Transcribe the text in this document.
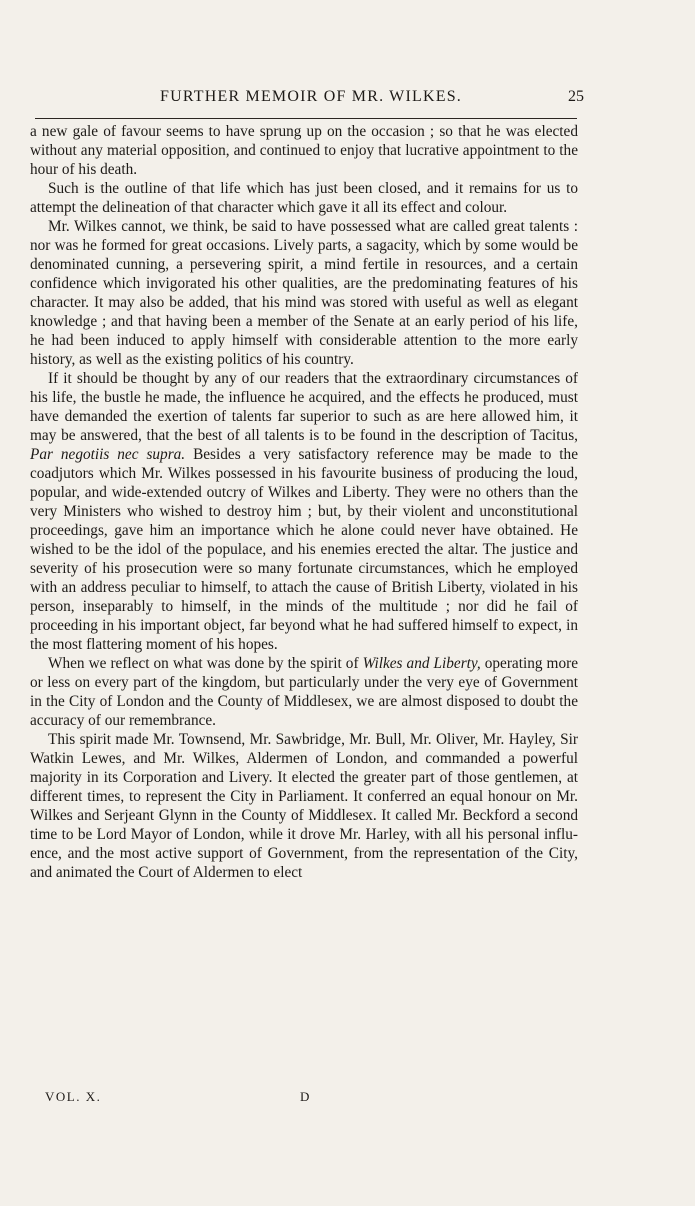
FURTHER MEMOIR OF MR. WILKES.	25

a new gale of favour seems to have sprung up on the occasion ; so that he was elected without any material opposition, and continued to enjoy that lucrative appointment to the hour of his death.

Such is the outline of that life which has just been closed, and it remains for us to attempt the delineation of that character which gave it all its effect and colour.

Mr. Wilkes cannot, we think, be said to have possessed what are called great talents : nor was he formed for great occasions. Lively parts, a sagacity, which by some would be denominated cunning, a persevering spirit, a mind fertile in resources, and a certain confidence which invigorated his other qualities, are the predominating features of his character. It may also be added, that his mind was stored with useful as well as elegant knowledge ; and that having been a member of the Senate at an early period of his life, he had been induced to apply himself with considerable attention to the more early history, as well as the existing politics of his country.

If it should be thought by any of our readers that the extraordinary circumstances of his life, the bustle he made, the influence he acquired, and the effects he produced, must have demanded the exertion of talents far superior to such as are here allowed him, it may be answered, that the best of all talents is to be found in the description of Tacitus, Par negotiis nec supra. Besides a very satisfactory reference may be made to the coadjutors which Mr. Wilkes possessed in his favourite business of producing the loud, popular, and wide-extended outcry of Wilkes and Liberty. They were no others than the very Ministers who wished to destroy him ; but, by their violent and unconstitutional proceedings, gave him an importance which he alone could never have obtained. He wished to be the idol of the populace, and his enemies erected the altar. The justice and severity of his prosecution were so many fortunate circumstances, which he employed with an address peculiar to himself, to attach the cause of British Liberty, violated in his person, inseparably to himself, in the minds of the multitude ; nor did he fail of proceeding in his important object, far beyond what he had suffered himself to expect, in the most flattering moment of his hopes.

When we reflect on what was done by the spirit of Wilkes and Liberty, operating more or less on every part of the kingdom, but particularly under the very eye of Government in the City of London and the County of Middlesex, we are almost disposed to doubt the accuracy of our remembrance.

This spirit made Mr. Townsend, Mr. Sawbridge, Mr. Bull, Mr. Oliver, Mr. Hayley, Sir Watkin Lewes, and Mr. Wilkes, Aldermen of London, and commanded a powerful majority in its Corporation and Livery. It elected the greater part of those gentlemen, at different times, to represent the City in Parliament. It conferred an equal honour on Mr. Wilkes and Serjeant Glynn in the County of Middlesex. It called Mr. Beckford a second time to be Lord Mayor of London, while it drove Mr. Harley, with all his personal influence, and the most active support of Government, from the representation of the City, and animated the Court of Aldermen to elect

VOL. X.	D
